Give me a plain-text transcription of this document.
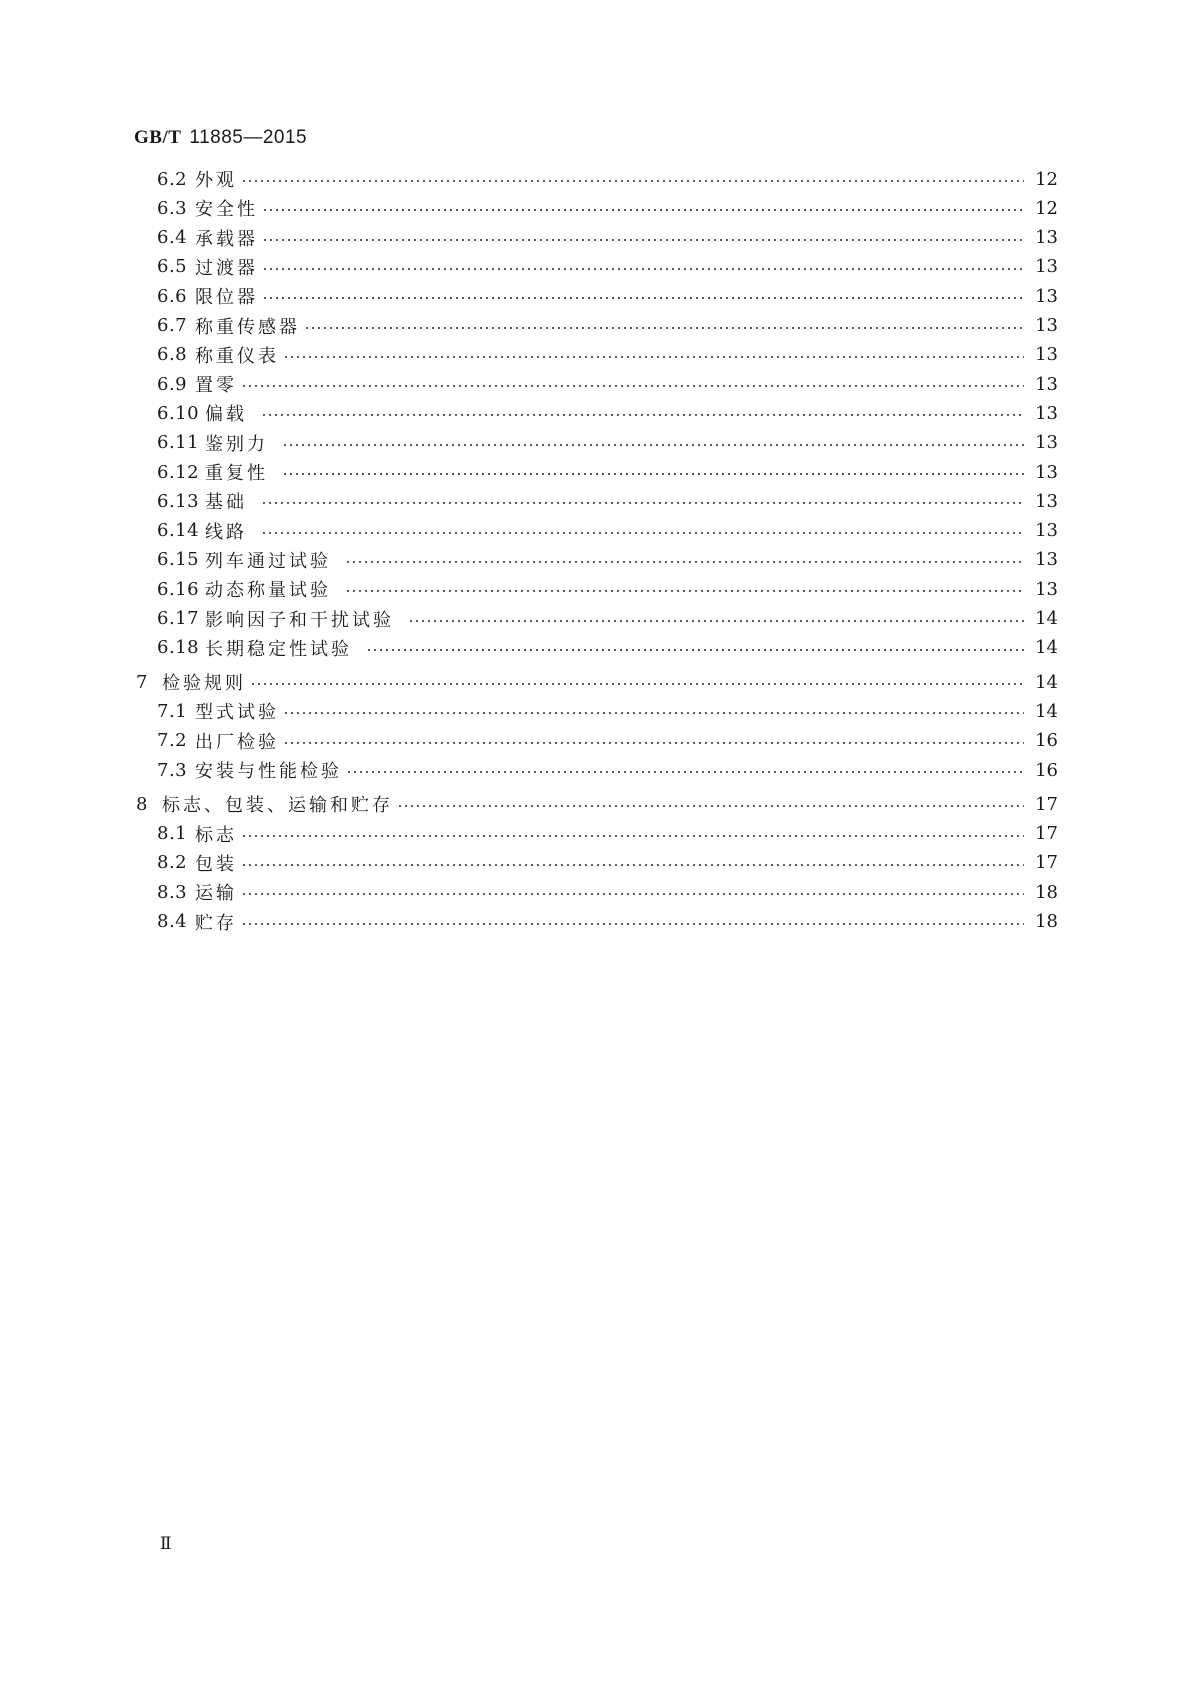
GB/T 11885—2015
6.2 外观	12
6.3 安全性	12
6.4 承载器	13
6.5 过渡器	13
6.6 限位器	13
6.7 称重传感器	13
6.8 称重仪表	13
6.9 置零	13
6.10 偏载	13
6.11 鉴别力	13
6.12 重复性	13
6.13 基础	13
6.14 线路	13
6.15 列车通过试验	13
6.16 动态称量试验	13
6.17 影响因子和干扰试验	14
6.18 长期稳定性试验	14
7 检验规则	14
7.1 型式试验	14
7.2 出厂检验	16
7.3 安装与性能检验	16
8 标志、包装、运输和贮存	17
8.1 标志	17
8.2 包装	17
8.3 运输	18
8.4 贮存	18
Ⅱ
